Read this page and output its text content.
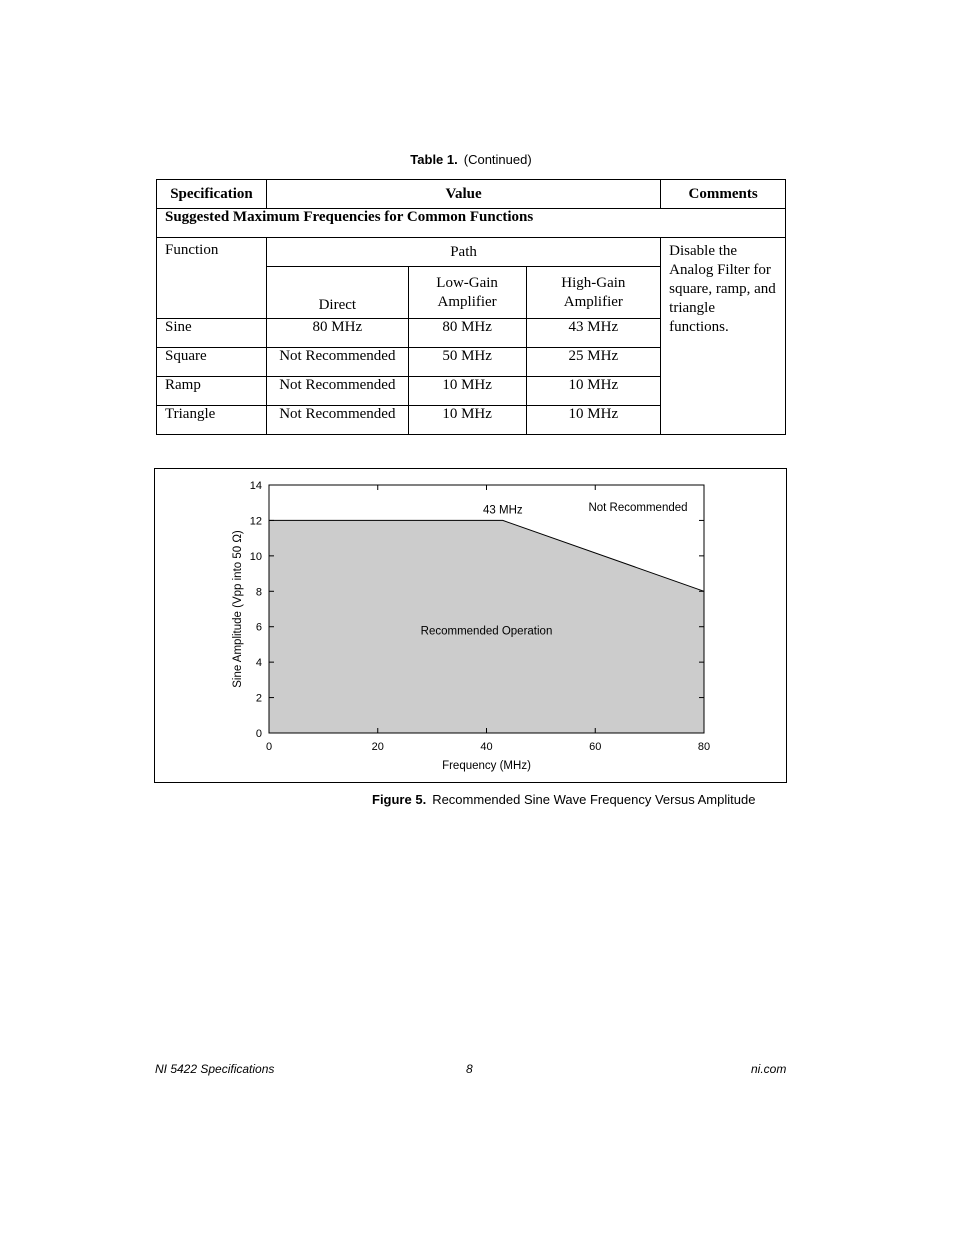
Table 1. (Continued)
Specification	Value			Comments
Suggested Maximum Frequencies for Common Functions				
Function	Path			Disable the Analog Filter for square, ramp, and triangle functions.
	Direct	Low-Gain Amplifier	High-Gain Amplifier	
Sine	80 MHz	80 MHz	43 MHz	
Square	Not Recommended	50 MHz	25 MHz	
Ramp	Not Recommended	10 MHz	10 MHz	
Triangle	Not Recommended	10 MHz	10 MHz	
0	20	40	60	80
0
2
4
6
8
10
12
14
Frequency (MHz)
Sine Amplitude (Vpp into 50 Ω)
43 MHz	Not Recommended
Recommended Operation
Figure 5. Recommended Sine Wave Frequency Versus Amplitude
NI 5422 Specifications	8	ni.com
